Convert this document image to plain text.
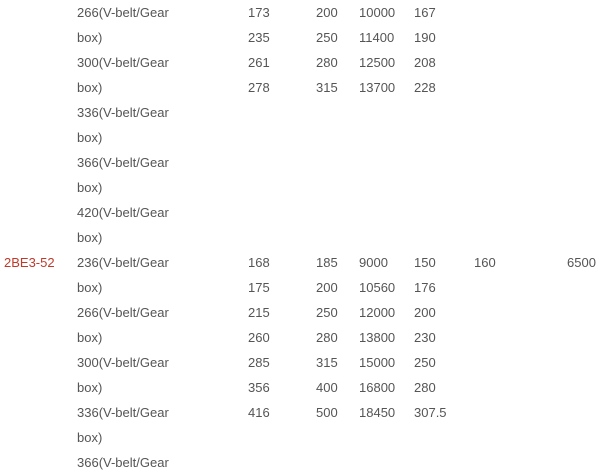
266(V-belt/Gear	173	200 10000 167
box)	235	250 11400 190
300(V-belt/Gear	261	280 12500 208
box)	278	315 13700 228
336(V-belt/Gear
box)
366(V-belt/Gear
box)
420(V-belt/Gear
box)
2BE3-52 236(V-belt/Gear	168	185 9000 150	160	6500
box)	175	200 10560 176
266(V-belt/Gear	215	250 12000 200
box)	260	280 13800 230
300(V-belt/Gear	285	315 15000 250
box)	356	400 16800 280
336(V-belt/Gear	416	500 18450 307.5
box)
366(V-belt/Gear
